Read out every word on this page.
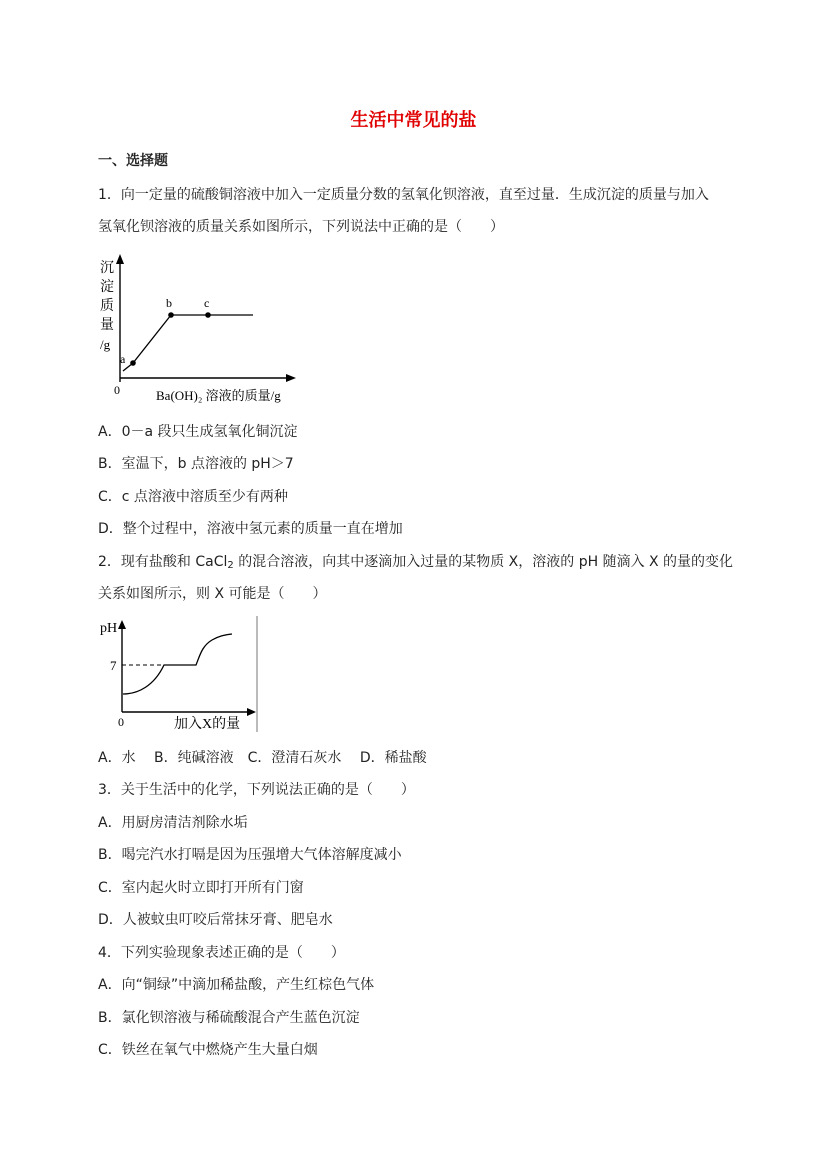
生活中常见的盐
一、选择题
1．向一定量的硫酸铜溶液中加入一定质量分数的氢氧化钡溶液，直至过量．生成沉淀的质量与加入
氢氧化钡溶液的质量关系如图所示，下列说法中正确的是（　　）
沉
淀
质
量
/g
a
b	c
0	Ba(OH)₂ 溶液的质量/g
A．0－a 段只生成氢氧化铜沉淀
B．室温下，b 点溶液的 pH＞7
C．c 点溶液中溶质至少有两种
D．整个过程中，溶液中氢元素的质量一直在增加
2．现有盐酸和 CaCl$_2$ 的混合溶液，向其中逐滴加入过量的某物质 X，溶液的 pH 随滴入 X 的量的变化
关系如图所示，则 X 可能是（　　）
pH
7
0	加入X的量
A．水　 B．纯碱溶液　C．澄清石灰水　 D．稀盐酸
3．关于生活中的化学，下列说法正确的是（　　）
A．用厨房清洁剂除水垢
B．喝完汽水打嗝是因为压强增大气体溶解度减小
C．室内起火时立即打开所有门窗
D．人被蚊虫叮咬后常抹牙膏、肥皂水
4．下列实验现象表述正确的是（　　）
A．向“铜绿”中滴加稀盐酸，产生红棕色气体
B．氯化钡溶液与稀硫酸混合产生蓝色沉淀
C．铁丝在氧气中燃烧产生大量白烟
